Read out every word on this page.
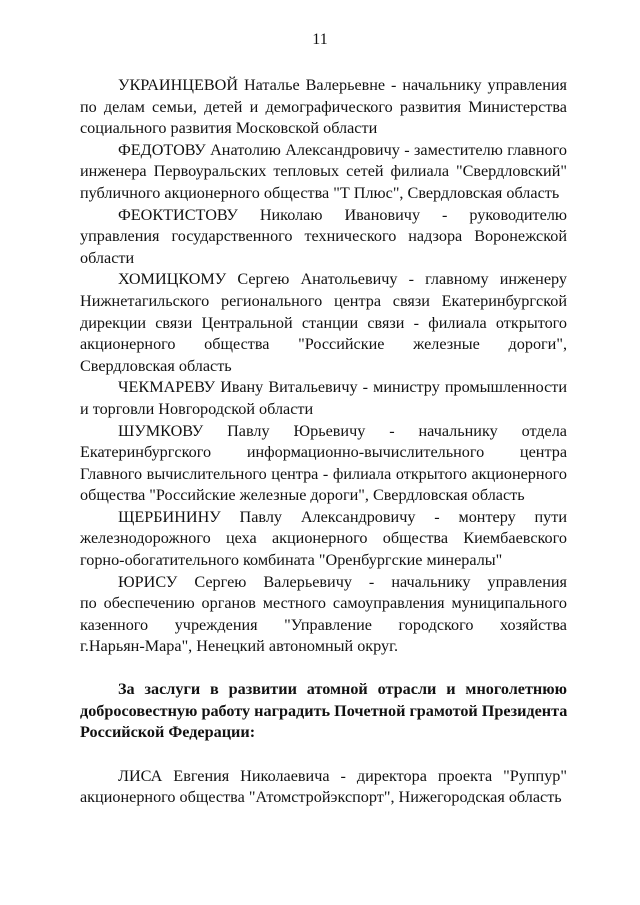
11
УКРАИНЦЕВОЙ Наталье Валерьевне - начальнику управления
по делам семьи, детей и демографического развития Министерства
социального развития Московской области
ФЕДОТОВУ Анатолию Александровичу - заместителю главного
инженера Первоуральских тепловых сетей филиала "Свердловский"
публичного акционерного общества "Т Плюс", Свердловская область
ФЕОКТИСТОВУ Николаю Ивановичу - руководителю
управления государственного технического надзора Воронежской
области
ХОМИЦКОМУ Сергею Анатольевичу - главному инженеру
Нижнетагильского регионального центра связи Екатеринбургской
дирекции связи Центральной станции связи - филиала открытого
акционерного общества "Российские железные дороги",
Свердловская область
ЧЕКМАРЕВУ Ивану Витальевичу - министру промышленности
и торговли Новгородской области
ШУМКОВУ Павлу Юрьевичу - начальнику отдела
Екатеринбургского информационно-вычислительного центра
Главного вычислительного центра - филиала открытого акционерного
общества "Российские железные дороги", Свердловская область
ЩЕРБИНИНУ Павлу Александровичу - монтеру пути
железнодорожного цеха акционерного общества Киембаевского
горно-обогатительного комбината "Оренбургские минералы"
ЮРИСУ Сергею Валерьевичу - начальнику управления
по обеспечению органов местного самоуправления муниципального
казенного учреждения "Управление городского хозяйства
г.Нарьян-Мара", Ненецкий автономный округ.
За заслуги в развитии атомной отрасли и многолетнюю
добросовестную работу наградить Почетной грамотой Президента
Российской Федерации:
ЛИСА Евгения Николаевича - директора проекта "Руппур"
акционерного общества "Атомстройэкспорт", Нижегородская область
